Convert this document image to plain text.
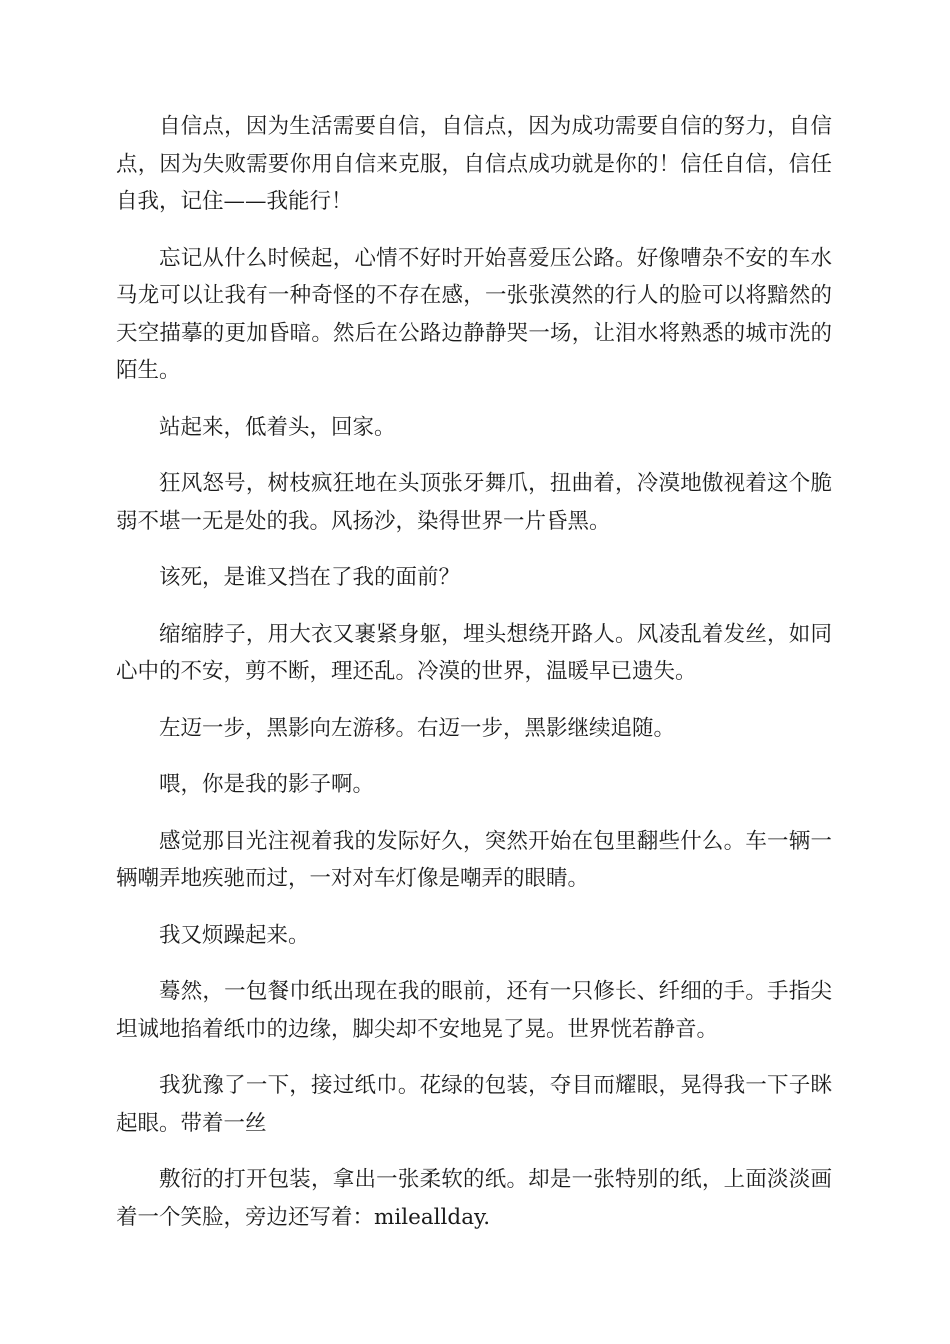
自信点，因为生活需要自信，自信点，因为成功需要自信的努力，自信点，因为失败需要你用自信来克服，自信点成功就是你的！信任自信，信任自我，记住——我能行！

忘记从什么时候起，心情不好时开始喜爱压公路。好像嘈杂不安的车水马龙可以让我有一种奇怪的不存在感，一张张漠然的行人的脸可以将黯然的天空描摹的更加昏暗。然后在公路边静静哭一场，让泪水将熟悉的城市洗的陌生。

站起来，低着头，回家。

狂风怒号，树枝疯狂地在头顶张牙舞爪，扭曲着，冷漠地傲视着这个脆弱不堪一无是处的我。风扬沙，染得世界一片昏黑。

该死，是谁又挡在了我的面前？

缩缩脖子，用大衣又裹紧身躯，埋头想绕开路人。风凌乱着发丝，如同心中的不安，剪不断，理还乱。冷漠的世界，温暖早已遗失。

左迈一步，黑影向左游移。右迈一步，黑影继续追随。

喂，你是我的影子啊。

感觉那目光注视着我的发际好久，突然开始在包里翻些什么。车一辆一辆嘲弄地疾驰而过，一对对车灯像是嘲弄的眼睛。

我又烦躁起来。

蓦然，一包餐巾纸出现在我的眼前，还有一只修长、纤细的手。手指尖坦诚地掐着纸巾的边缘，脚尖却不安地晃了晃。世界恍若静音。

我犹豫了一下，接过纸巾。花绿的包装，夺目而耀眼，晃得我一下子眯起眼。带着一丝

敷衍的打开包装，拿出一张柔软的纸。却是一张特别的纸，上面淡淡画着一个笑脸，旁边还写着：mileallday.
